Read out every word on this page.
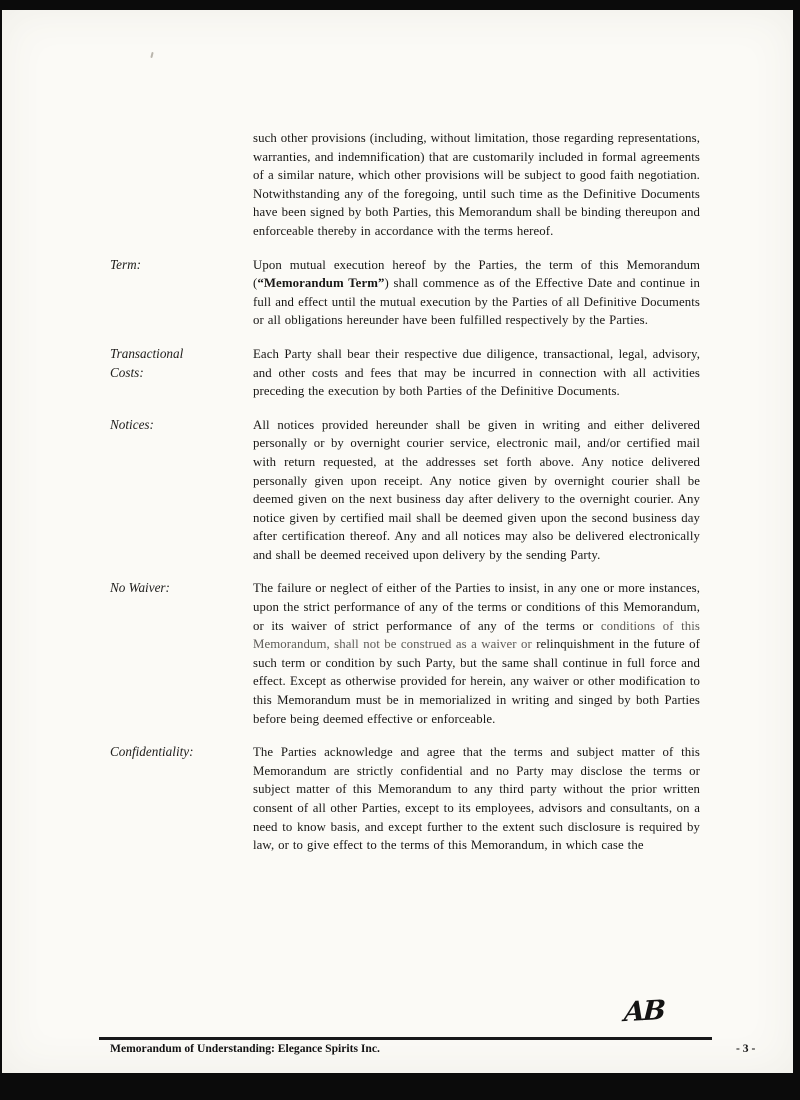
such other provisions (including, without limitation, those regarding representations, warranties, and indemnification) that are customarily included in formal agreements of a similar nature, which other provisions will be subject to good faith negotiation. Notwithstanding any of the foregoing, until such time as the Definitive Documents have been signed by both Parties, this Memorandum shall be binding thereupon and enforceable thereby in accordance with the terms hereof.
Term:	Upon mutual execution hereof by the Parties, the term of this Memorandum (“Memorandum Term”) shall commence as of the Effective Date and continue in full and effect until the mutual execution by the Parties of all Definitive Documents or all obligations hereunder have been fulfilled respectively by the Parties.
Transactional Costs:
Each Party shall bear their respective due diligence, transactional, legal, advisory, and other costs and fees that may be incurred in connection with all activities preceding the execution by both Parties of the Definitive Documents.
Notices:	All notices provided hereunder shall be given in writing and either delivered personally or by overnight courier service, electronic mail, and/or certified mail with return requested, at the addresses set forth above. Any notice delivered personally given upon receipt. Any notice given by overnight courier shall be deemed given on the next business day after delivery to the overnight courier. Any notice given by certified mail shall be deemed given upon the second business day after certification thereof. Any and all notices may also be delivered electronically and shall be deemed received upon delivery by the sending Party.
No Waiver:	The failure or neglect of either of the Parties to insist, in any one or more instances, upon the strict performance of any of the terms or conditions of this Memorandum, or its waiver of strict performance of any of the terms or conditions of this Memorandum, shall not be construed as a waiver or relinquishment in the future of such term or condition by such Party, but the same shall continue in full force and effect. Except as otherwise provided for herein, any waiver or other modification to this Memorandum must be in memorialized in writing and singed by both Parties before being deemed effective or enforceable.
Confidentiality:	The Parties acknowledge and agree that the terms and subject matter of this Memorandum are strictly confidential and no Party may disclose the terms or subject matter of this Memorandum to any third party without the prior written consent of all other Parties, except to its employees, advisors and consultants, on a need to know basis, and except further to the extent such disclosure is required by law, or to give effect to the terms of this Memorandum, in which case the
AB
Memorandum of Understanding: Elegance Spirits Inc.	- 3 -
